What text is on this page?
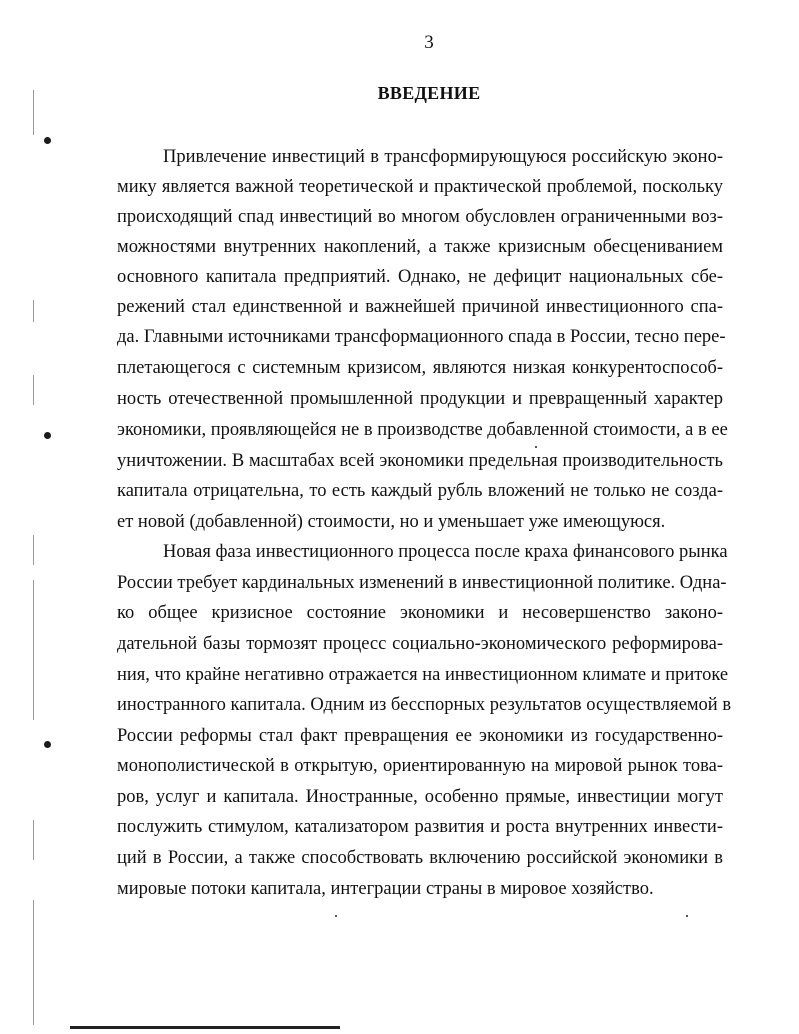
3
ВВЕДЕНИЕ
Привлечение инвестиций в трансформирующуюся российскую эконо-
мику является важной теоретической и практической проблемой, поскольку
происходящий спад инвестиций во многом обусловлен ограниченными воз-
можностями внутренних накоплений, а также кризисным обесцениванием
основного капитала предприятий. Однако, не дефицит национальных сбе-
режений стал единственной и важнейшей причиной инвестиционного спа-
да. Главными источниками трансформационного спада в России, тесно пере-
плетающегося с системным кризисом, являются низкая конкурентоспособ-
ность отечественной промышленной продукции и превращенный характер
экономики, проявляющейся не в производстве добавленной стоимости, а в ее
уничтожении. В масштабах всей экономики предельная производительность
капитала отрицательна, то есть каждый рубль вложений не только не созда-
ет новой (добавленной) стоимости, но и уменьшает уже имеющуюся.
Новая фаза инвестиционного процесса после краха финансового рынка
России требует кардинальных изменений в инвестиционной политике. Одна-
ко общее кризисное состояние экономики и несовершенство законо-
дательной базы тормозят процесс социально-экономического реформирова-
ния, что крайне негативно отражается на инвестиционном климате и притоке
иностранного капитала. Одним из бесспорных результатов осуществляемой в
России реформы стал факт превращения ее экономики из государственно-
монополистической в открытую, ориентированную на мировой рынок това-
ров, услуг и капитала. Иностранные, особенно прямые, инвестиции могут
послужить стимулом, катализатором развития и роста внутренних инвести-
ций в России, а также способствовать включению российской экономики в
мировые потоки капитала, интеграции страны в мировое хозяйство.
